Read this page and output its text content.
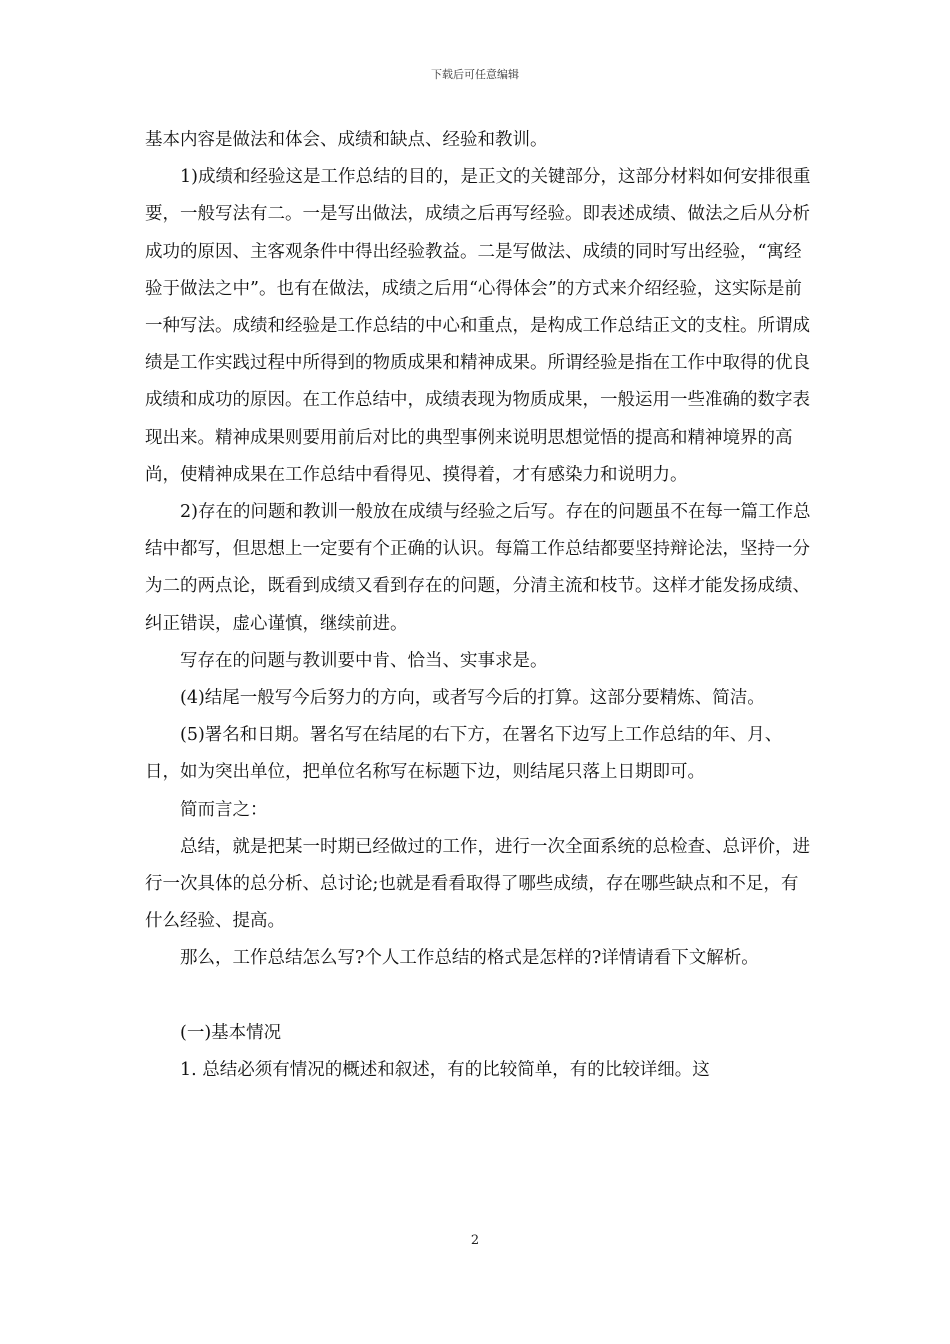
下载后可任意编辑

基本内容是做法和体会、成绩和缺点、经验和教训。

1)成绩和经验这是工作总结的目的，是正文的关键部分，这部分材料如何安排很重要，一般写法有二。一是写出做法，成绩之后再写经验。即表述成绩、做法之后从分析成功的原因、主客观条件中得出经验教益。二是写做法、成绩的同时写出经验，“寓经验于做法之中”。也有在做法，成绩之后用“心得体会”的方式来介绍经验，这实际是前一种写法。成绩和经验是工作总结的中心和重点，是构成工作总结正文的支柱。所谓成绩是工作实践过程中所得到的物质成果和精神成果。所谓经验是指在工作中取得的优良成绩和成功的原因。在工作总结中，成绩表现为物质成果，一般运用一些准确的数字表现出来。精神成果则要用前后对比的典型事例来说明思想觉悟的提高和精神境界的高尚，使精神成果在工作总结中看得见、摸得着，才有感染力和说明力。

2)存在的问题和教训一般放在成绩与经验之后写。存在的问题虽不在每一篇工作总结中都写，但思想上一定要有个正确的认识。每篇工作总结都要坚持辩论法，坚持一分为二的两点论，既看到成绩又看到存在的问题，分清主流和枝节。这样才能发扬成绩、纠正错误，虚心谨慎，继续前进。

写存在的问题与教训要中肯、恰当、实事求是。

(4)结尾一般写今后努力的方向，或者写今后的打算。这部分要精炼、简洁。

(5)署名和日期。署名写在结尾的右下方，在署名下边写上工作总结的年、月、日，如为突出单位，把单位名称写在标题下边，则结尾只落上日期即可。

简而言之：

总结，就是把某一时期已经做过的工作，进行一次全面系统的总检查、总评价，进行一次具体的总分析、总讨论;也就是看看取得了哪些成绩，存在哪些缺点和不足，有什么经验、提高。

那么，工作总结怎么写?个人工作总结的格式是怎样的?详情请看下文解析。

(一)基本情况

1. 总结必须有情况的概述和叙述，有的比较简单，有的比较详细。这

2
